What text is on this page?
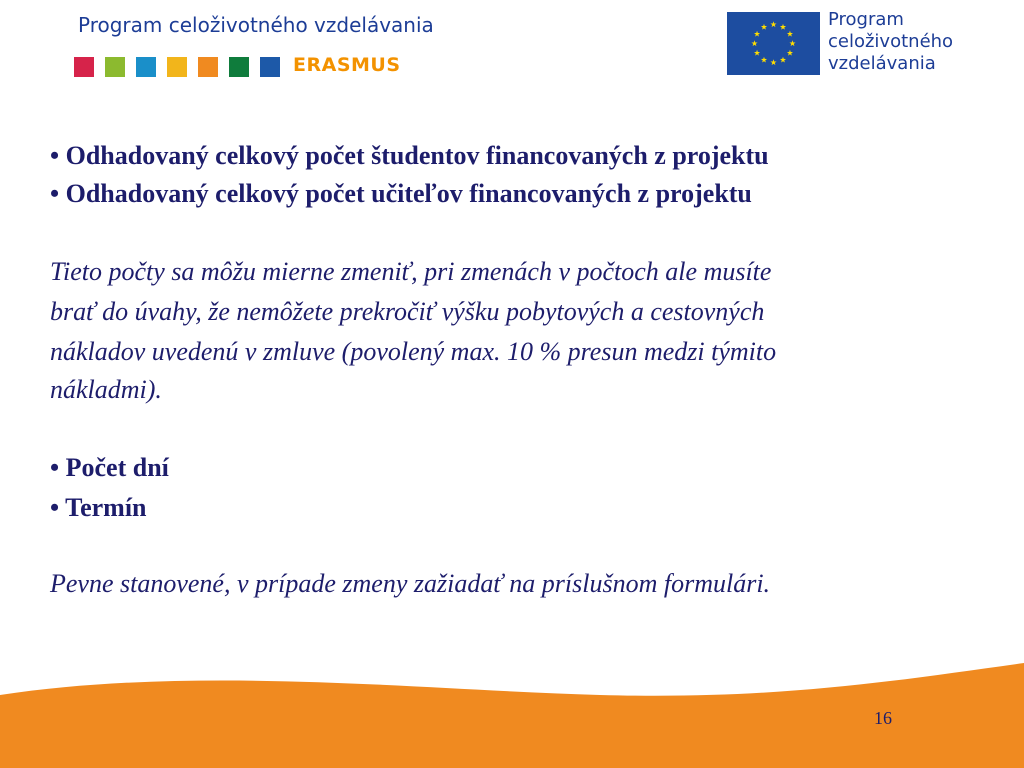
Program celoživotného vzdelávania
ERASMUS
Program
celoživotného
vzdelávania
• Odhadovaný celkový počet študentov financovaných z projektu
• Odhadovaný celkový počet učiteľov financovaných z projektu
Tieto počty sa môžu mierne zmeniť, pri zmenách v počtoch ale musíte
brať do úvahy, že nemôžete prekročiť výšku pobytových a cestovných
nákladov uvedenú v zmluve (povolený max. 10 % presun medzi týmito
nákladmi).
• Počet dní
• Termín
Pevne stanovené, v prípade zmeny zažiadať na príslušnom formulári.
16
